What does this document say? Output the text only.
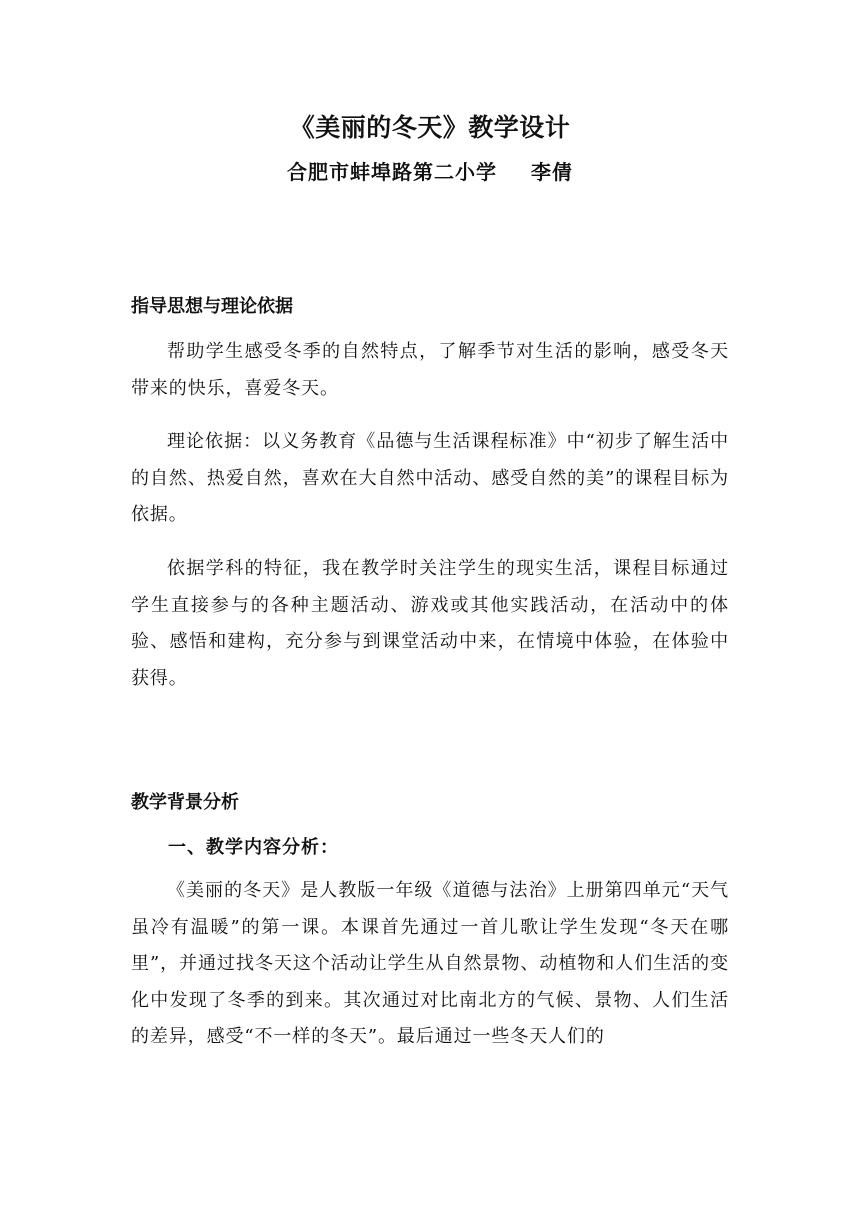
《美丽的冬天》教学设计
合肥市蚌埠路第二小学 李倩
指导思想与理论依据

帮助学生感受冬季的自然特点，了解季节对生活的影响，感受冬天带来的快乐，喜爱冬天。

理论依据：以义务教育《品德与生活课程标准》中“初步了解生活中的自然、热爱自然，喜欢在大自然中活动、感受自然的美”的课程目标为依据。

依据学科的特征，我在教学时关注学生的现实生活，课程目标通过学生直接参与的各种主题活动、游戏或其他实践活动，在活动中的体验、感悟和建构，充分参与到课堂活动中来，在情境中体验，在体验中获得。

教学背景分析
一、教学内容分析：

《美丽的冬天》是人教版一年级《道德与法治》上册第四单元“天气虽冷有温暖”的第一课。本课首先通过一首儿歌让学生发现“冬天在哪里”，并通过找冬天这个活动让学生从自然景物、动植物和人们生活的变化中发现了冬季的到来。其次通过对比南北方的气候、景物、人们生活的差异，感受“不一样的冬天”。最后通过一些冬天人们的
